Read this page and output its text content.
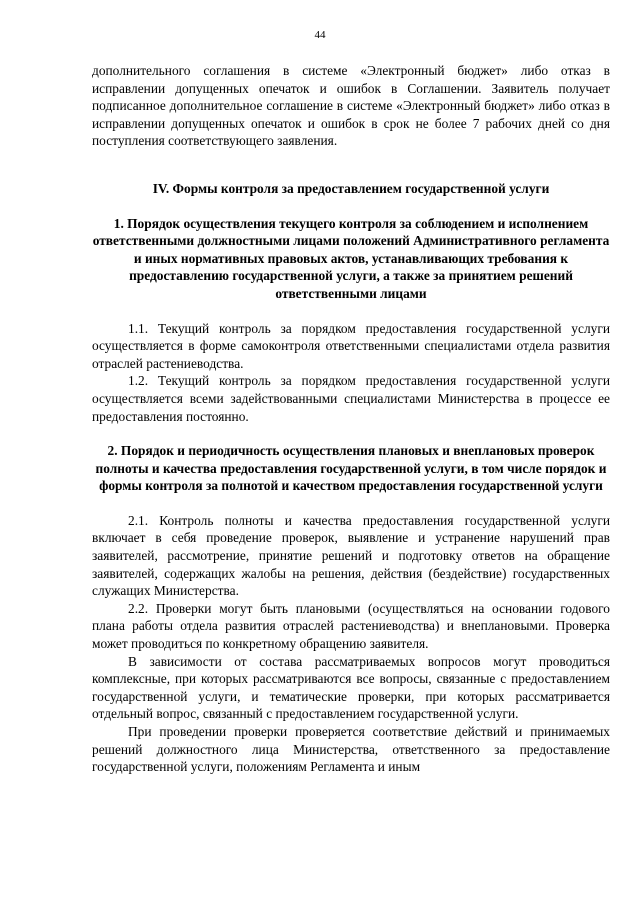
44

дополнительного соглашения в системе «Электронный бюджет» либо отказ в исправлении допущенных опечаток и ошибок в Соглашении. Заявитель получает подписанное дополнительное соглашение в системе «Электронный бюджет» либо отказ в исправлении допущенных опечаток и ошибок в срок не более 7 рабочих дней со дня поступления соответствующего заявления.

IV. Формы контроля за предоставлением государственной услуги
1. Порядок осуществления текущего контроля за соблюдением и исполнением ответственными должностными лицами положений Административного регламента и иных нормативных правовых актов, устанавливающих требования к предоставлению государственной услуги, а также за принятием решений ответственными лицами

1.1. Текущий контроль за порядком предоставления государственной услуги осуществляется в форме самоконтроля ответственными специалистами отдела развития отраслей растениеводства.

1.2. Текущий контроль за порядком предоставления государственной услуги осуществляется всеми задействованными специалистами Министерства в процессе ее предоставления постоянно.

2. Порядок и периодичность осуществления плановых и внеплановых проверок полноты и качества предоставления государственной услуги, в том числе порядок и формы контроля за полнотой и качеством предоставления государственной услуги

2.1. Контроль полноты и качества предоставления государственной услуги включает в себя проведение проверок, выявление и устранение нарушений прав заявителей, рассмотрение, принятие решений и подготовку ответов на обращение заявителей, содержащих жалобы на решения, действия (бездействие) государственных служащих Министерства.

2.2. Проверки могут быть плановыми (осуществляться на основании годового плана работы отдела развития отраслей растениеводства) и внеплановыми. Проверка может проводиться по конкретному обращению заявителя.

В зависимости от состава рассматриваемых вопросов могут проводиться комплексные, при которых рассматриваются все вопросы, связанные с предоставлением государственной услуги, и тематические проверки, при которых рассматривается отдельный вопрос, связанный с предоставлением государственной услуги.

При проведении проверки проверяется соответствие действий и принимаемых решений должностного лица Министерства, ответственного за предоставление государственной услуги, положениям Регламента и иным
